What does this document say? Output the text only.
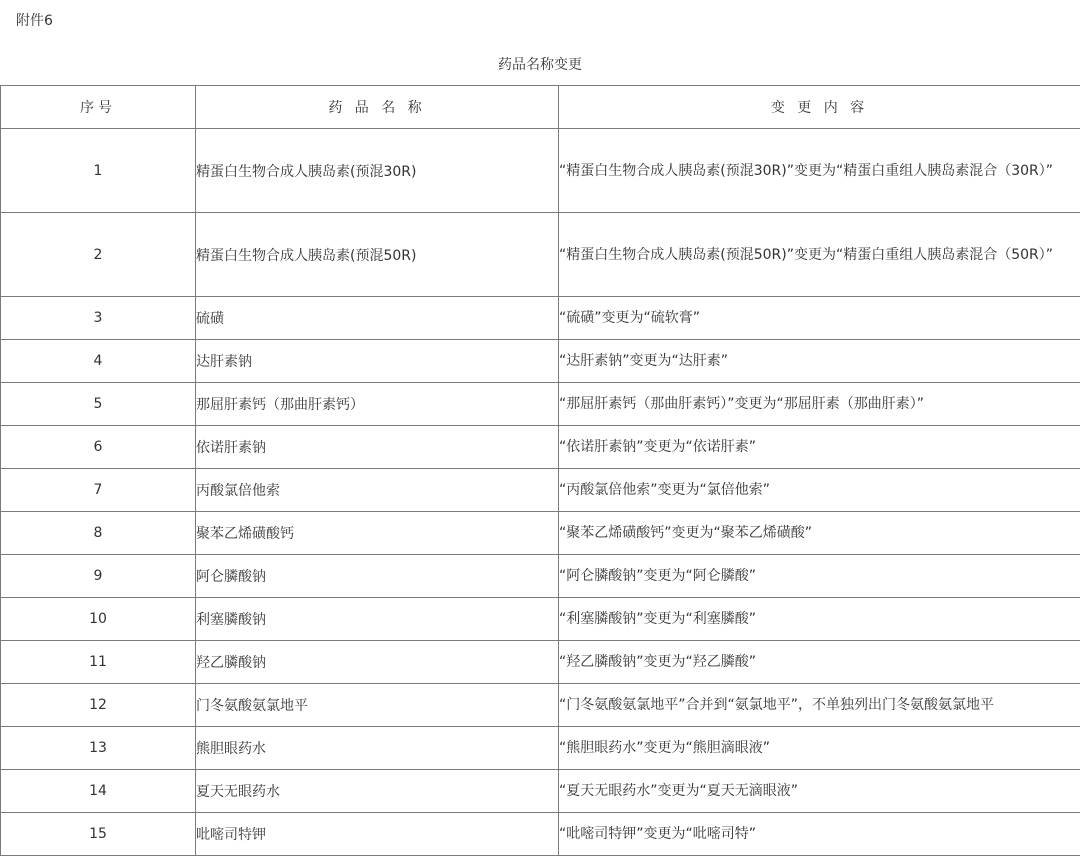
附件6
药品名称变更
序号	药 品 名 称	变 更 内 容
1	精蛋白生物合成人胰岛素(预混30R)	“精蛋白生物合成人胰岛素(预混30R)”变更为“精蛋白重组人胰岛素混合（30R）”
2	精蛋白生物合成人胰岛素(预混50R)	“精蛋白生物合成人胰岛素(预混50R)”变更为“精蛋白重组人胰岛素混合（50R）”
3	硫磺	“硫磺”变更为“硫软膏”
4	达肝素钠	“达肝素钠”变更为“达肝素”
5	那屈肝素钙（那曲肝素钙）	“那屈肝素钙（那曲肝素钙）”变更为“那屈肝素（那曲肝素）”
6	依诺肝素钠	“依诺肝素钠”变更为“依诺肝素”
7	丙酸氯倍他索	“丙酸氯倍他索”变更为“氯倍他索”
8	聚苯乙烯磺酸钙	“聚苯乙烯磺酸钙”变更为“聚苯乙烯磺酸”
9	阿仑膦酸钠	“阿仑膦酸钠”变更为“阿仑膦酸”
10	利塞膦酸钠	“利塞膦酸钠”变更为“利塞膦酸”
11	羟乙膦酸钠	“羟乙膦酸钠”变更为“羟乙膦酸”
12	门冬氨酸氨氯地平	“门冬氨酸氨氯地平”合并到“氨氯地平”，不单独列出门冬氨酸氨氯地平
13	熊胆眼药水	“熊胆眼药水”变更为“熊胆滴眼液”
14	夏天无眼药水	“夏天无眼药水”变更为“夏天无滴眼液”
15	吡嘧司特钾	“吡嘧司特钾”变更为“吡嘧司特”
